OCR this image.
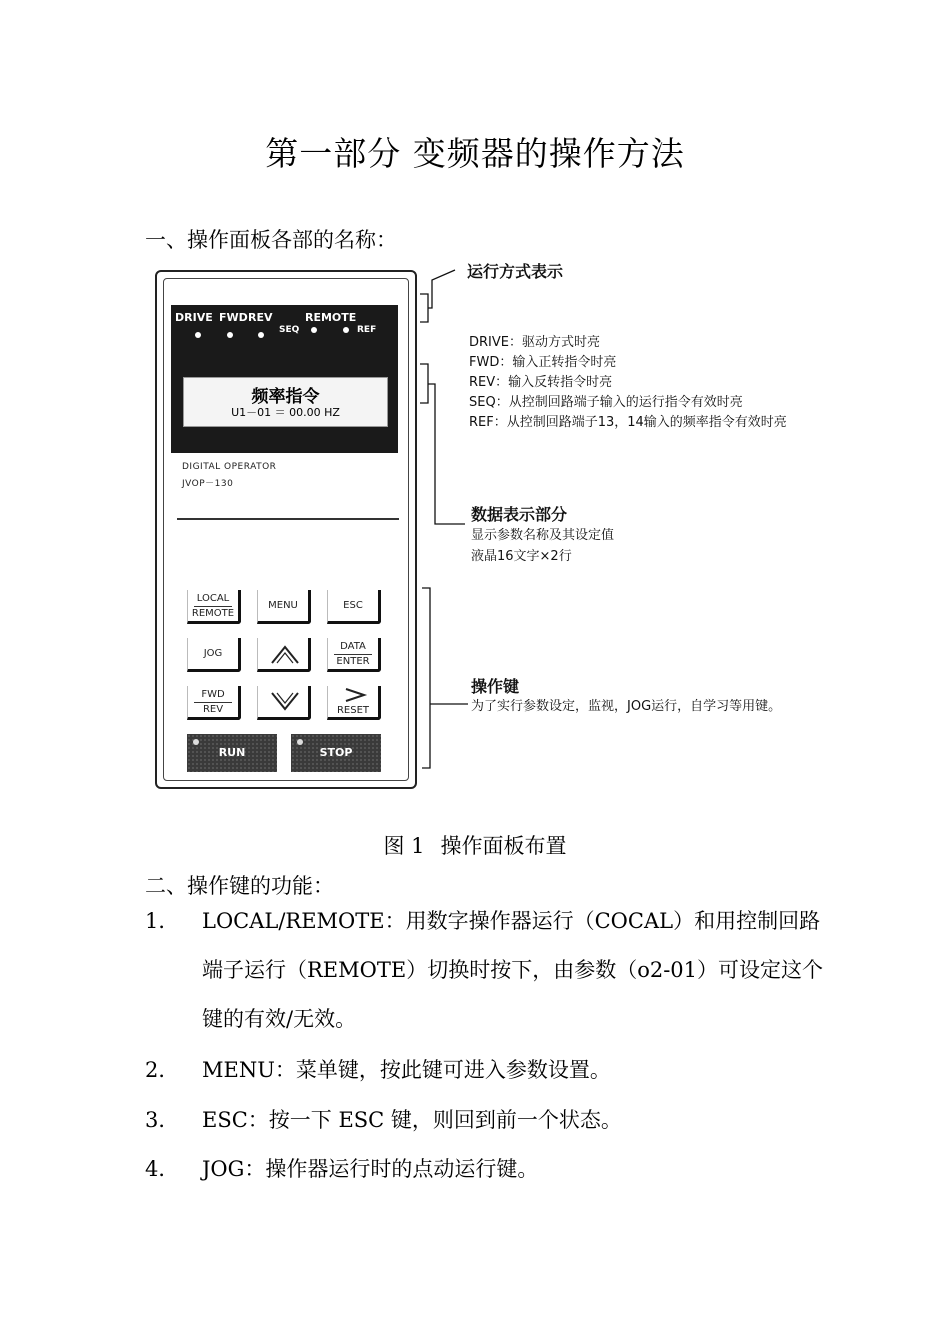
第一部分 变频器的操作方法
一、操作面板各部的名称：
DRIVE FWD REV	REMOTE
SEQ	REF
频率指令
U1－01 ＝ 00.00 HZ
DIGITAL OPERATOR
JVOP－130
LOCAL
REMOTE
MENU	ESC
JOG
DATA
ENTER
FWD
REV	RESET
RUN	STOP
运行方式表示
DRIVE：驱动方式时亮
FWD：输入正转指令时亮
REV：输入反转指令时亮
SEQ：从控制回路端子输入的运行指令有效时亮
REF：从控制回路端子13，14输入的频率指令有效时亮
数据表示部分
显示参数名称及其设定值
液晶16文字×2行
操作键
为了实行参数设定，监视，JOG运行，自学习等用键。
图 1 操作面板布置
二、操作键的功能：
1． LOCAL/REMOTE：用数字操作器运行（COCAL）和用控制回路端子运行（REMOTE）切换时按下，由参数（o2-01）可设定这个键的有效/无效。
2． MENU：菜单键，按此键可进入参数设置。
3． ESC：按一下 ESC 键，则回到前一个状态。
4． JOG：操作器运行时的点动运行键。
